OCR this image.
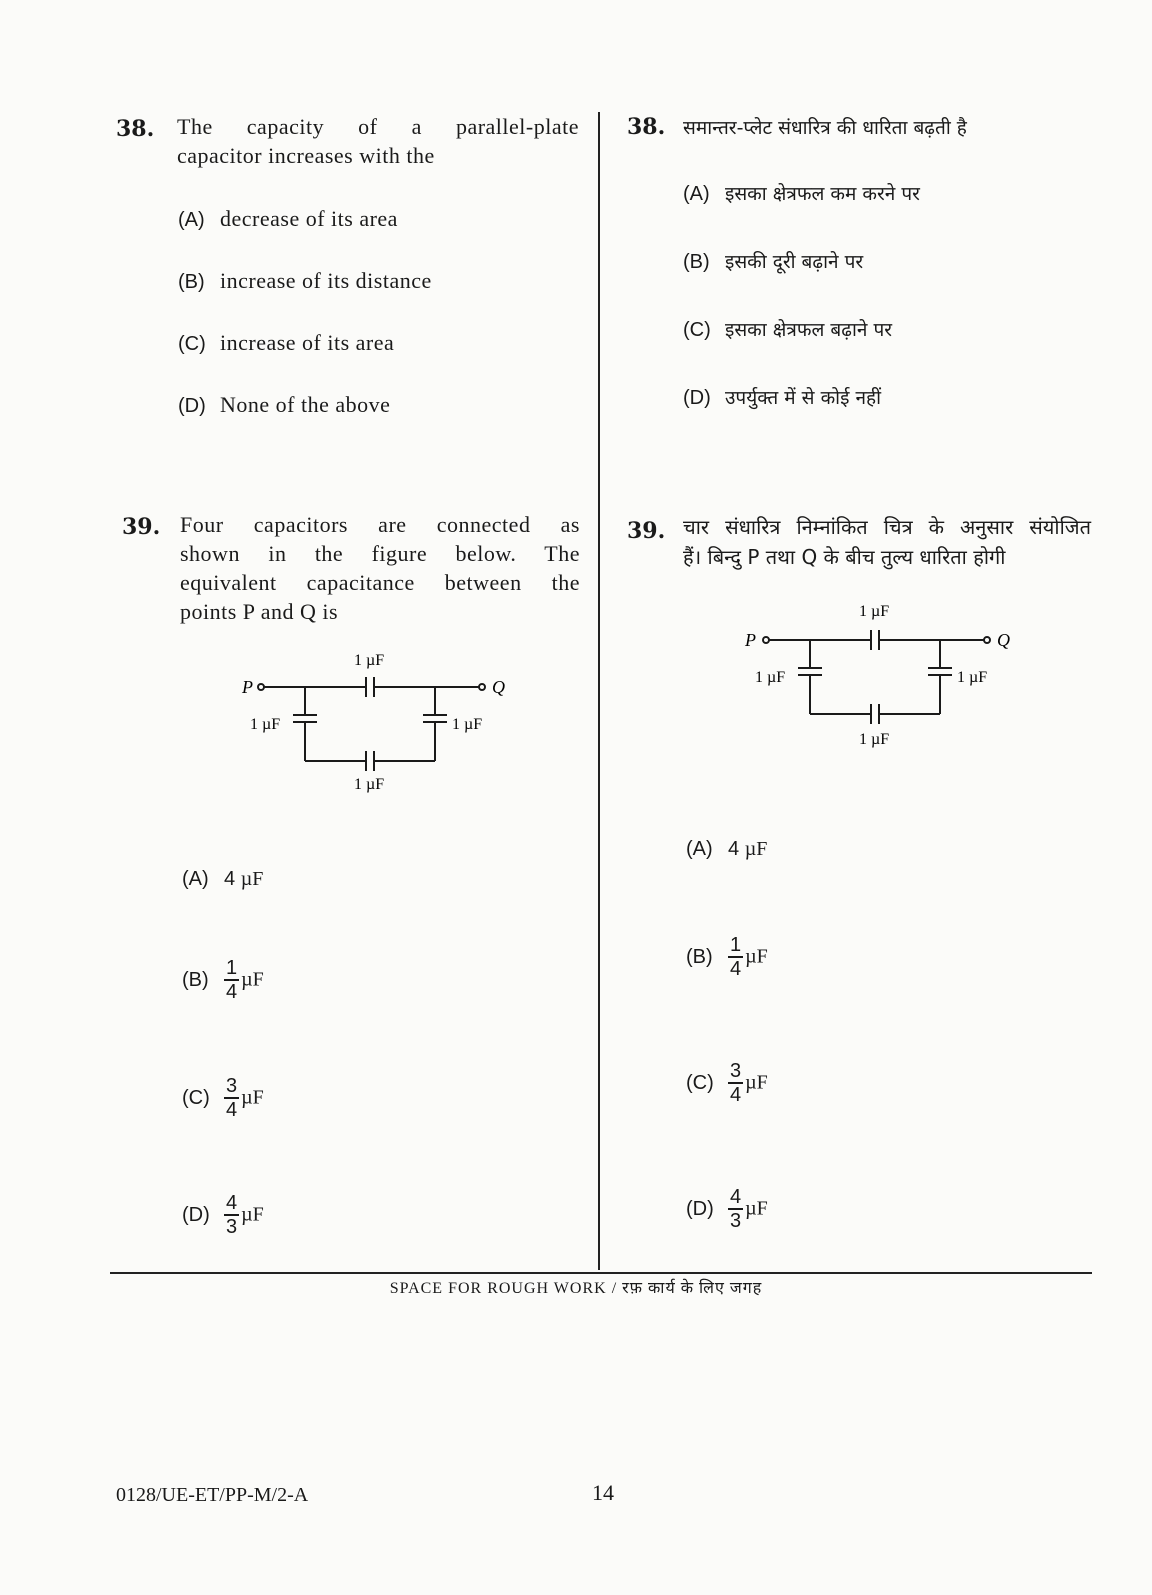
38. The capacity of a parallel-plate
capacitor increases with the
(A) decrease of its area
(B) increase of its distance
(C) increase of its area
(D) None of the above
38. समान्तर-प्लेट संधारित्र की धारिता बढ़ती है
(A) इसका क्षेत्रफल कम करने पर
(B) इसकी दूरी बढ़ाने पर
(C) इसका क्षेत्रफल बढ़ाने पर
(D) उपर्युक्त में से कोई नहीं
39. Four capacitors are connected as
shown in the figure below. The
equivalent capacitance between the
points P and Q is
P	Q
1 µF
1 µF	1 µF
1 µF
(A) 4 µF
$(B) \frac{1}{4}$ µF
$(C) \frac{3}{4}$ µF
$(D) \frac{4}{3}$ µF
39. चार संधारित्र निम्नांकित चित्र के अनुसार संयोजित
हैं। बिन्दु P तथा Q के बीच तुल्य धारिता होगी
P	Q
1 µF
1 µF	1 µF
1 µF
(A) 4 µF
$(B) \frac{1}{4}$ µF
$(C) \frac{3}{4}$ µF
$(D) \frac{4}{3}$ µF
SPACE FOR ROUGH WORK / रफ़ कार्य के लिए जगह
0128/UE-ET/PP-M/2-A	14
